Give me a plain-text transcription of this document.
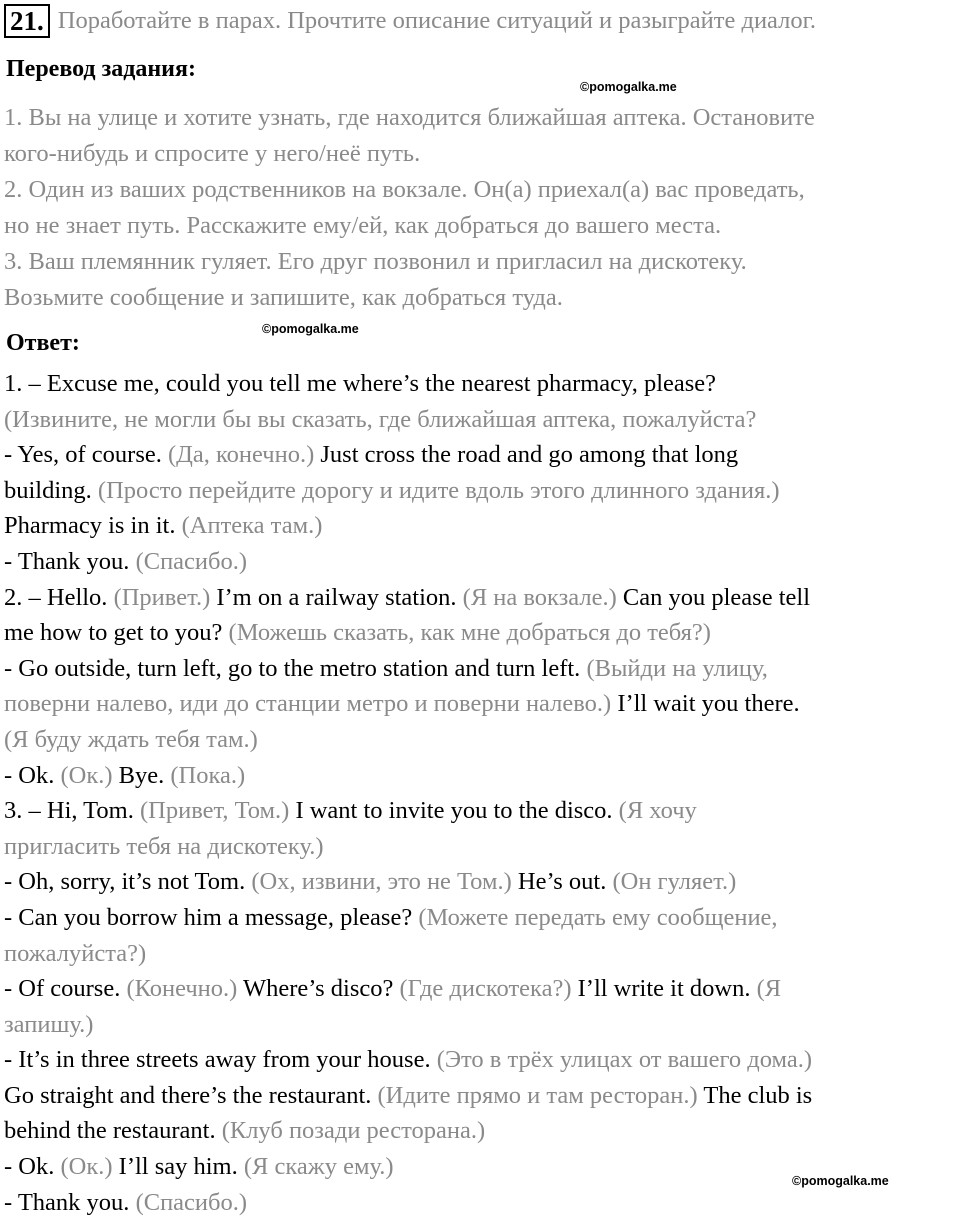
21. Поработайте в парах. Прочтите описание ситуаций и разыграйте диалог.
Перевод задания:
©pomogalka.me
1. Вы на улице и хотите узнать, где находится ближайшая аптека. Остановите
кого-нибудь и спросите у него/неё путь.
2. Один из ваших родственников на вокзале. Он(а) приехал(а) вас проведать,
но не знает путь. Расскажите ему/ей, как добраться до вашего места.
3. Ваш племянник гуляет. Его друг позвонил и пригласил на дискотеку.
Возьмите сообщение и запишите, как добраться туда.
Ответ:
©pomogalka.me
1. – Excuse me, could you tell me where’s the nearest pharmacy, please?
(Извините, не могли бы вы сказать, где ближайшая аптека, пожалуйста?
- Yes, of course. (Да, конечно.) Just cross the road and go among that long
building. (Просто перейдите дорогу и идите вдоль этого длинного здания.)
Pharmacy is in it. (Аптека там.)
- Thank you. (Спасибо.)
2. – Hello. (Привет.) I’m on a railway station. (Я на вокзале.) Can you please tell
me how to get to you? (Можешь сказать, как мне добраться до тебя?)
- Go outside, turn left, go to the metro station and turn left. (Выйди на улицу,
поверни налево, иди до станции метро и поверни налево.) I’ll wait you there.
(Я буду ждать тебя там.)
- Ok. (Ок.) Bye. (Пока.)
3. – Hi, Tom. (Привет, Том.) I want to invite you to the disco. (Я хочу
пригласить тебя на дискотеку.)
- Oh, sorry, it’s not Tom. (Ох, извини, это не Том.) He’s out. (Он гуляет.)
- Can you borrow him a message, please? (Можете передать ему сообщение,
пожалуйста?)
- Of course. (Конечно.) Where’s disco? (Где дискотека?) I’ll write it down. (Я
запишу.)
- It’s in three streets away from your house. (Это в трёх улицах от вашего дома.)
Go straight and there’s the restaurant. (Идите прямо и там ресторан.) The club is
behind the restaurant. (Клуб позади ресторана.)
- Ok. (Ок.) I’ll say him. (Я скажу ему.)
- Thank you. (Спасибо.)
©pomogalka.me
